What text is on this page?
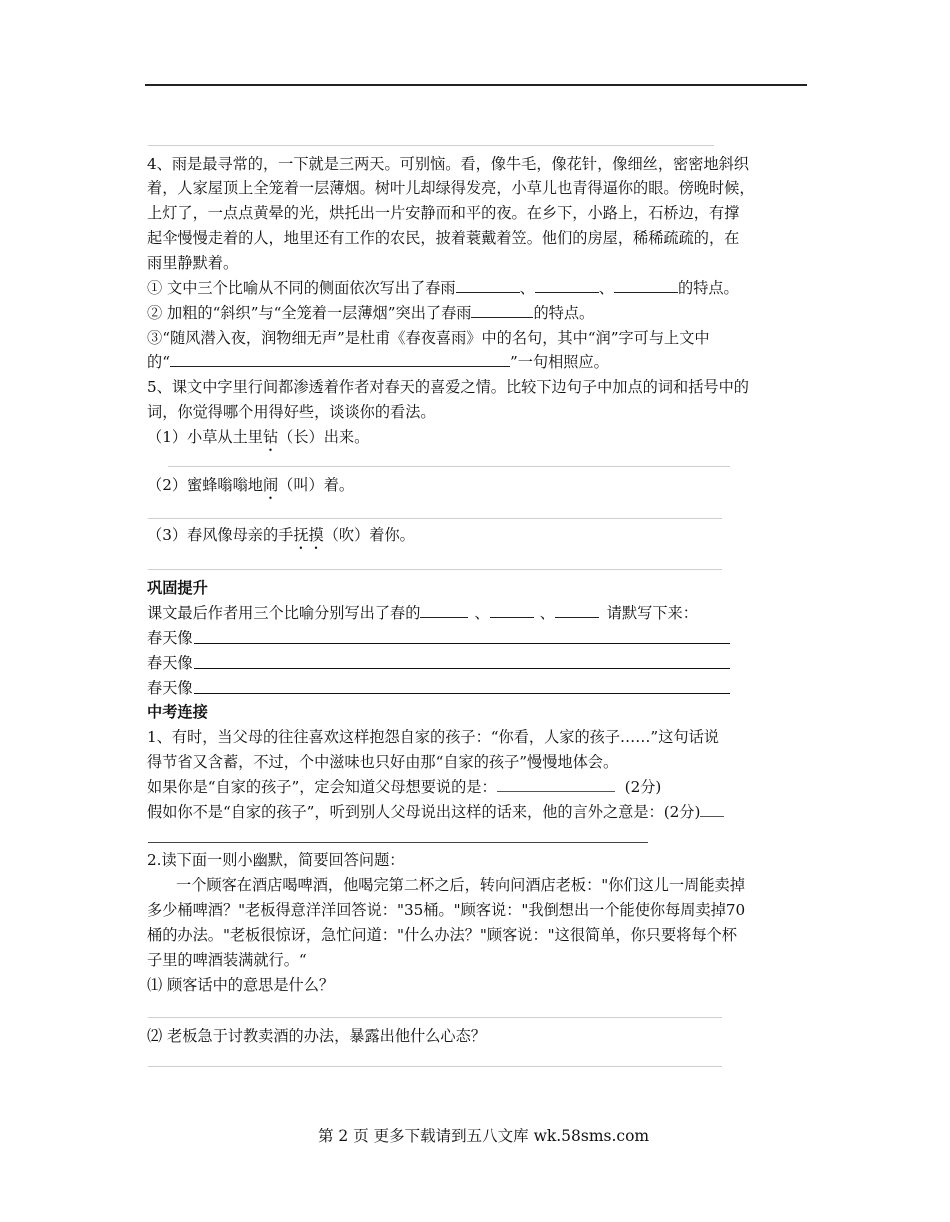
4、雨是最寻常的，一下就是三两天。可别恼。看，像牛毛，像花针，像细丝，密密地斜织
着，人家屋顶上全笼着一层薄烟。树叶儿却绿得发亮，小草儿也青得逼你的眼。傍晚时候，
上灯了，一点点黄晕的光，烘托出一片安静而和平的夜。在乡下，小路上，石桥边，有撑
起伞慢慢走着的人，地里还有工作的农民，披着蓑戴着笠。他们的房屋，稀稀疏疏的，在
雨里静默着。
① 文中三个比喻从不同的侧面依次写出了春雨	、	、	的特点。
② 加粗的“斜织”与“全笼着一层薄烟”突出了春雨	的特点。
③“随风潜入夜，润物细无声”是杜甫《春夜喜雨》中的名句，其中“润”字可与上文中
的“	”一句相照应。
5、课文中字里行间都渗透着作者对春天的喜爱之情。比较下边句子中加点的词和括号中的
词，你觉得哪个用得好些，谈谈你的看法。
（1）小草从土里钻（长）出来。
（2）蜜蜂嗡嗡地闹（叫）着。
（3）春风像母亲的手抚摸（吹）着你。
巩固提升
课文最后作者用三个比喻分别写出了春的	、	、	请默写下来：
春天像
春天像
春天像
中考连接
1、有时，当父母的往往喜欢这样抱怨自家的孩子：“你看，人家的孩子……”这句话说
得节省又含蓄，不过，个中滋味也只好由那“自家的孩子”慢慢地体会。
如果你是“自家的孩子”，定会知道父母想要说的是：	(2分)
假如你不是“自家的孩子”，听到别人父母说出这样的话来，他的言外之意是：(2分)
2.读下面一则小幽默，简要回答问题：
一个顾客在酒店喝啤酒，他喝完第二杯之后，转向问酒店老板："你们这儿一周能卖掉
多少桶啤酒？"老板得意洋洋回答说："35桶。"顾客说："我倒想出一个能使你每周卖掉70
桶的办法。"老板很惊讶，急忙问道："什么办法？"顾客说："这很简单，你只要将每个杯
子里的啤酒装满就行。“
⑴ 顾客话中的意思是什么？
⑵ 老板急于讨教卖酒的办法，暴露出他什么心态？
第 2 页 更多下载请到五八文库 wk.58sms.com
